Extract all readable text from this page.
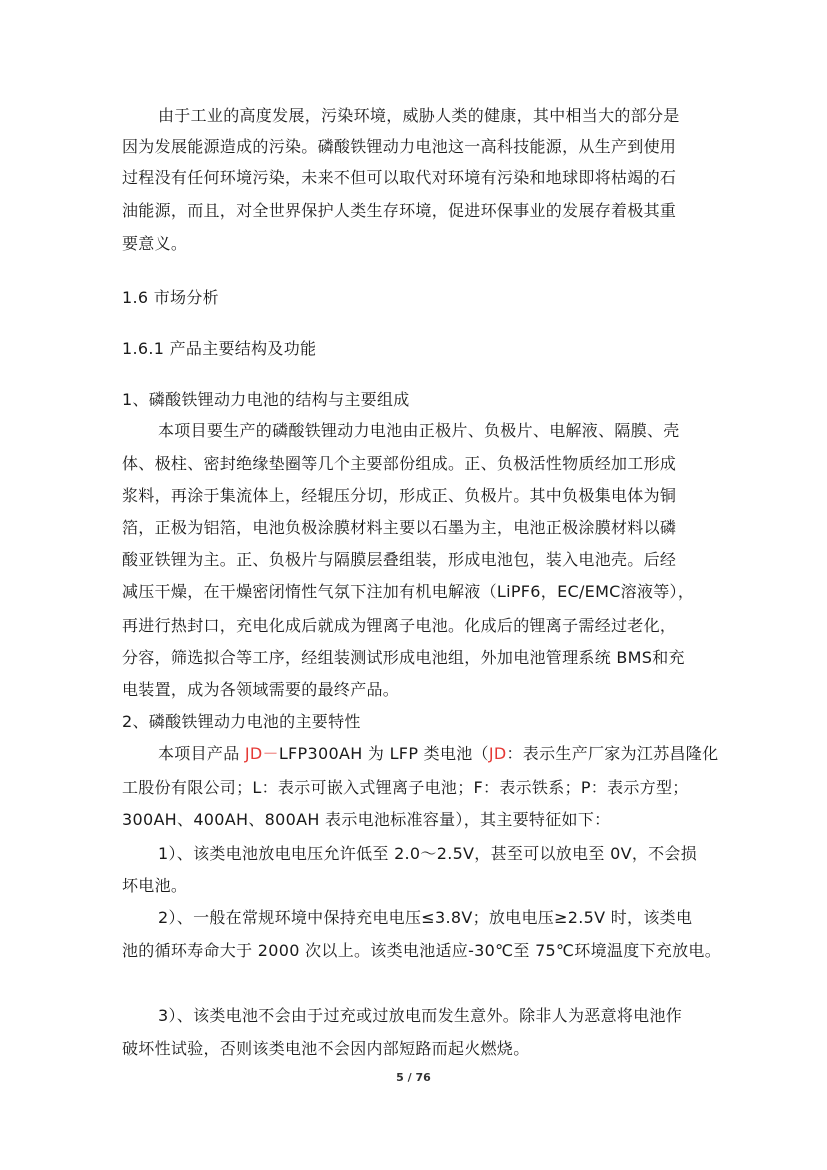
由于工业的高度发展，污染环境，威胁人类的健康，其中相当大的部分是
因为发展能源造成的污染。磷酸铁锂动力电池这一高科技能源，从生产到使用
过程没有任何环境污染，未来不但可以取代对环境有污染和地球即将枯竭的石
油能源，而且，对全世界保护人类生存环境，促进环保事业的发展存着极其重
要意义。
1.6 市场分析
1.6.1 产品主要结构及功能
1、磷酸铁锂动力电池的结构与主要组成
本项目要生产的磷酸铁锂动力电池由正极片、负极片、电解液、隔膜、壳
体、极柱、密封绝缘垫圈等几个主要部份组成。正、负极活性物质经加工形成
浆料，再涂于集流体上，经辊压分切，形成正、负极片。其中负极集电体为铜
箔，正极为铝箔，电池负极涂膜材料主要以石墨为主，电池正极涂膜材料以磷
酸亚铁锂为主。正、负极片与隔膜层叠组装，形成电池包，装入电池壳。后经
减压干燥，在干燥密闭惰性气氛下注加有机电解液（LiPF6，EC/EMC溶液等），
再进行热封口，充电化成后就成为锂离子电池。化成后的锂离子需经过老化，
分容，筛选拟合等工序，经组装测试形成电池组，外加电池管理系统 BMS和充
电装置，成为各领域需要的最终产品。
2、磷酸铁锂动力电池的主要特性
本项目产品 JD－LFP300AH 为 LFP 类电池（JD：表示生产厂家为江苏昌隆化
工股份有限公司；L：表示可嵌入式锂离子电池；F：表示铁系；P：表示方型；
300AH、400AH、800AH 表示电池标准容量），其主要特征如下：
1）、该类电池放电电压允许低至 2.0～2.5V，甚至可以放电至 0V，不会损
坏电池。
2）、一般在常规环境中保持充电电压≤3.8V；放电电压≥2.5V 时，该类电
池的循环寿命大于 2000 次以上。该类电池适应-30℃至 75℃环境温度下充放电。
3）、该类电池不会由于过充或过放电而发生意外。除非人为恶意将电池作
破坏性试验，否则该类电池不会因内部短路而起火燃烧。
5 / 76
